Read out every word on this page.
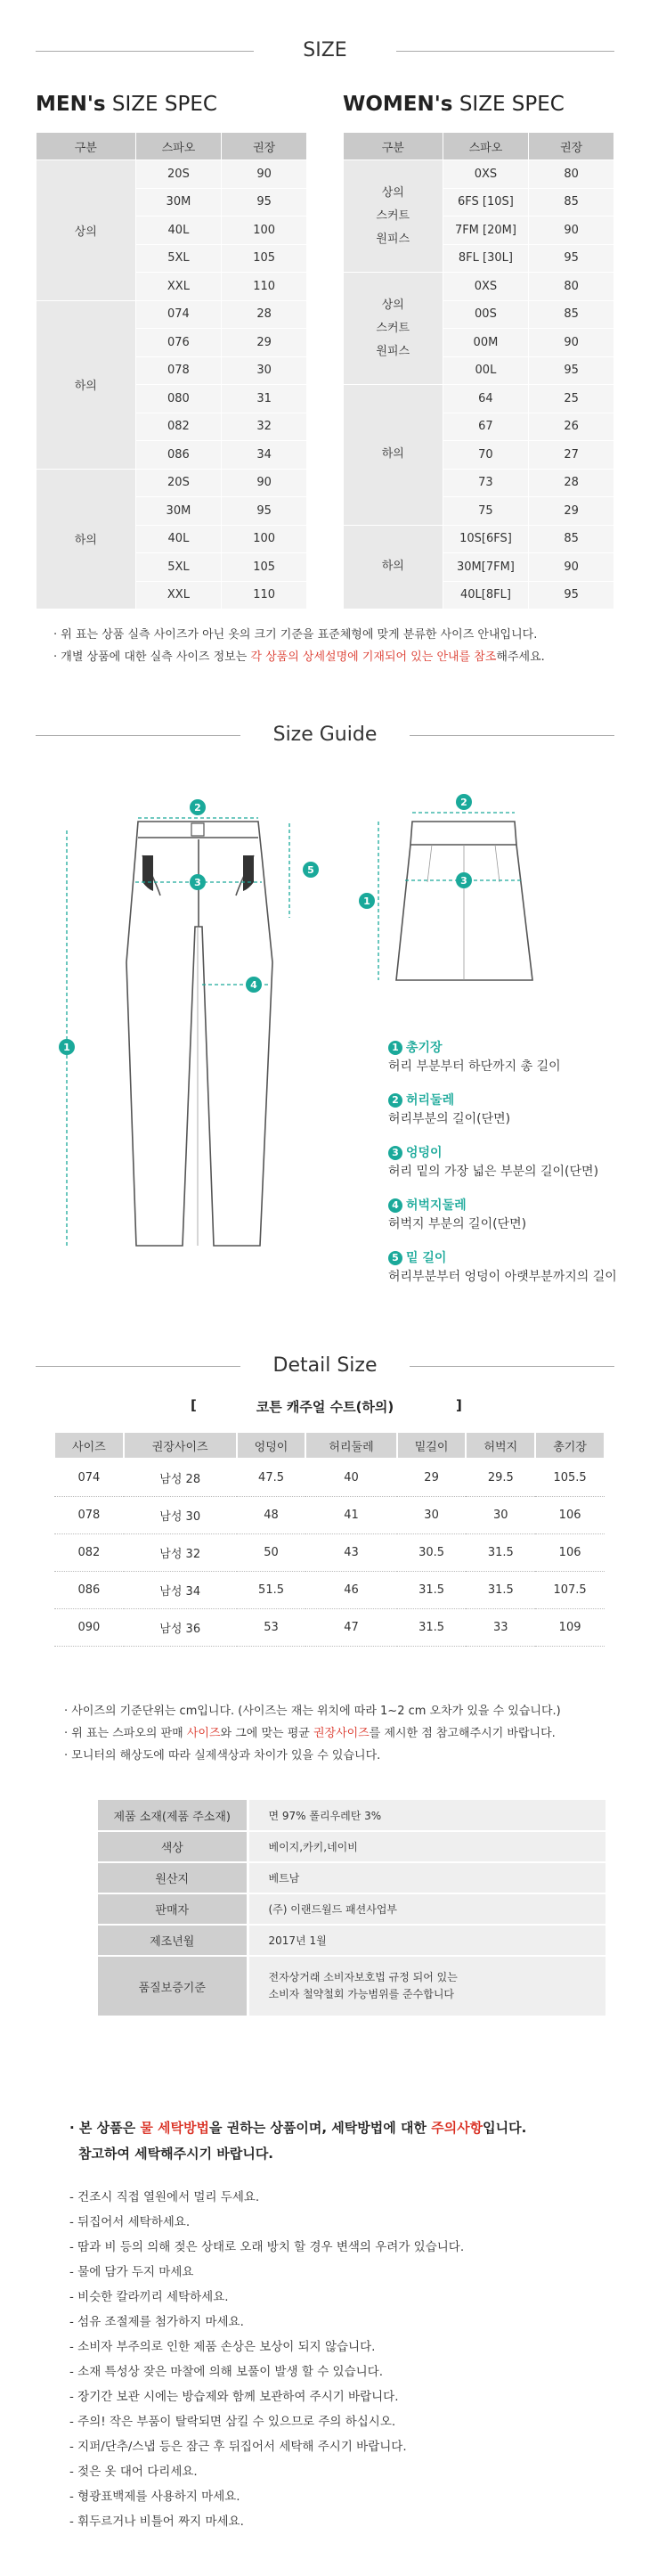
SIZE
MEN's SIZE SPEC
구분	스파오	권장
상의	20S	90
	30M	95
	40L	100
	5XL	105
	XXL	110
하의	074	28
	076	29
	078	30
	080	31
	082	32
	086	34
하의	20S	90
	30M	95
	40L	100
	5XL	105
	XXL	110
WOMEN's SIZE SPEC
구분	스파오	권장

상의
스커트
원피스	0XS	80
	6FS [10S]	85
	7FM [20M]	90
	8FL [30L]	95

상의
스커트
원피스	0XS	80
	00S	85
	00M	90
	00L	95

하의	64	25
	67	26
	70	27
	73	28
	75	29

하의	10S[6FS]	85
	30M[7FM]	90
	40L[8FL]	95
· 위 표는 상품 실측 사이즈가 아닌 옷의 크기 기준을 표준체형에 맞게 분류한 사이즈 안내입니다.
· 개별 상품에 대한 실측 사이즈 정보는 각 상품의 상세설명에 기재되어 있는 안내를 참조해주세요.
Size Guide
2
3
4
1
5
2
3
1
1 총기장
허리 부분부터 하단까지 총 길이
2 허리둘레
허리부분의 길이(단면)
3 엉덩이
허리 밑의 가장 넓은 부분의 길이(단면)
4 허벅지둘레
허벅지 부분의 길이(단면)
5 밑 길이
허리부분부터 엉덩이 아랫부분까지의 길이
Detail Size
[	코튼 캐주얼 수트(하의)	]
사이즈	권장사이즈	엉덩이	허리둘레	밑길이	허벅지	총기장
074	남성 28	47.5	40	29	29.5	105.5
078	남성 30	48	41	30	30	106
082	남성 32	50	43	30.5	31.5	106
086	남성 34	51.5	46	31.5	31.5	107.5
090	남성 36	53	47	31.5	33	109
· 사이즈의 기준단위는 cm입니다. (사이즈는 재는 위치에 따라 1~2 cm 오차가 있을 수 있습니다.)
· 위 표는 스파오의 판매 사이즈와 그에 맞는 평균 권장사이즈를 제시한 점 참고해주시기 바랍니다.
· 모니터의 해상도에 따라 실제색상과 차이가 있을 수 있습니다.
제품 소재(제품 주소재)	면 97% 폴리우레탄 3%

색상	베이지,카키,네이비

원산지	베트남

판매자	(주) 이랜드월드 패션사업부

제조년월	2017년 1월

품질보증기준	전자상거래 소비자보호법 규정 되어 있는
소비자 철약철회 가능범위를 준수합니다
· 본 상품은 물 세탁방법을 권하는 상품이며, 세탁방법에 대한 주의사항입니다.
참고하여 세탁해주시기 바랍니다.
- 건조시 직접 열원에서 멀리 두세요.
- 뒤집어서 세탁하세요.
- 땀과 비 등의 의해 젖은 상태로 오래 방치 할 경우 변색의 우려가 있습니다.
- 물에 담가 두지 마세요
- 비슷한 칼라끼리 세탁하세요.
- 섬유 조절제를 첨가하지 마세요.
- 소비자 부주의로 인한 제품 손상은 보상이 되지 않습니다.
- 소재 특성상 잦은 마찰에 의해 보풀이 발생 할 수 있습니다.
- 장기간 보관 시에는 방습제와 함께 보관하여 주시기 바랍니다.
- 주의! 작은 부품이 탈락되면 삼킬 수 있으므로 주의 하십시오.
- 지퍼/단추/스냅 등은 잠근 후 뒤집어서 세탁해 주시기 바랍니다.
- 젖은 옷 대어 다리세요.
- 형광표백제를 사용하지 마세요.
- 휘두르거나 비틀어 짜지 마세요.
